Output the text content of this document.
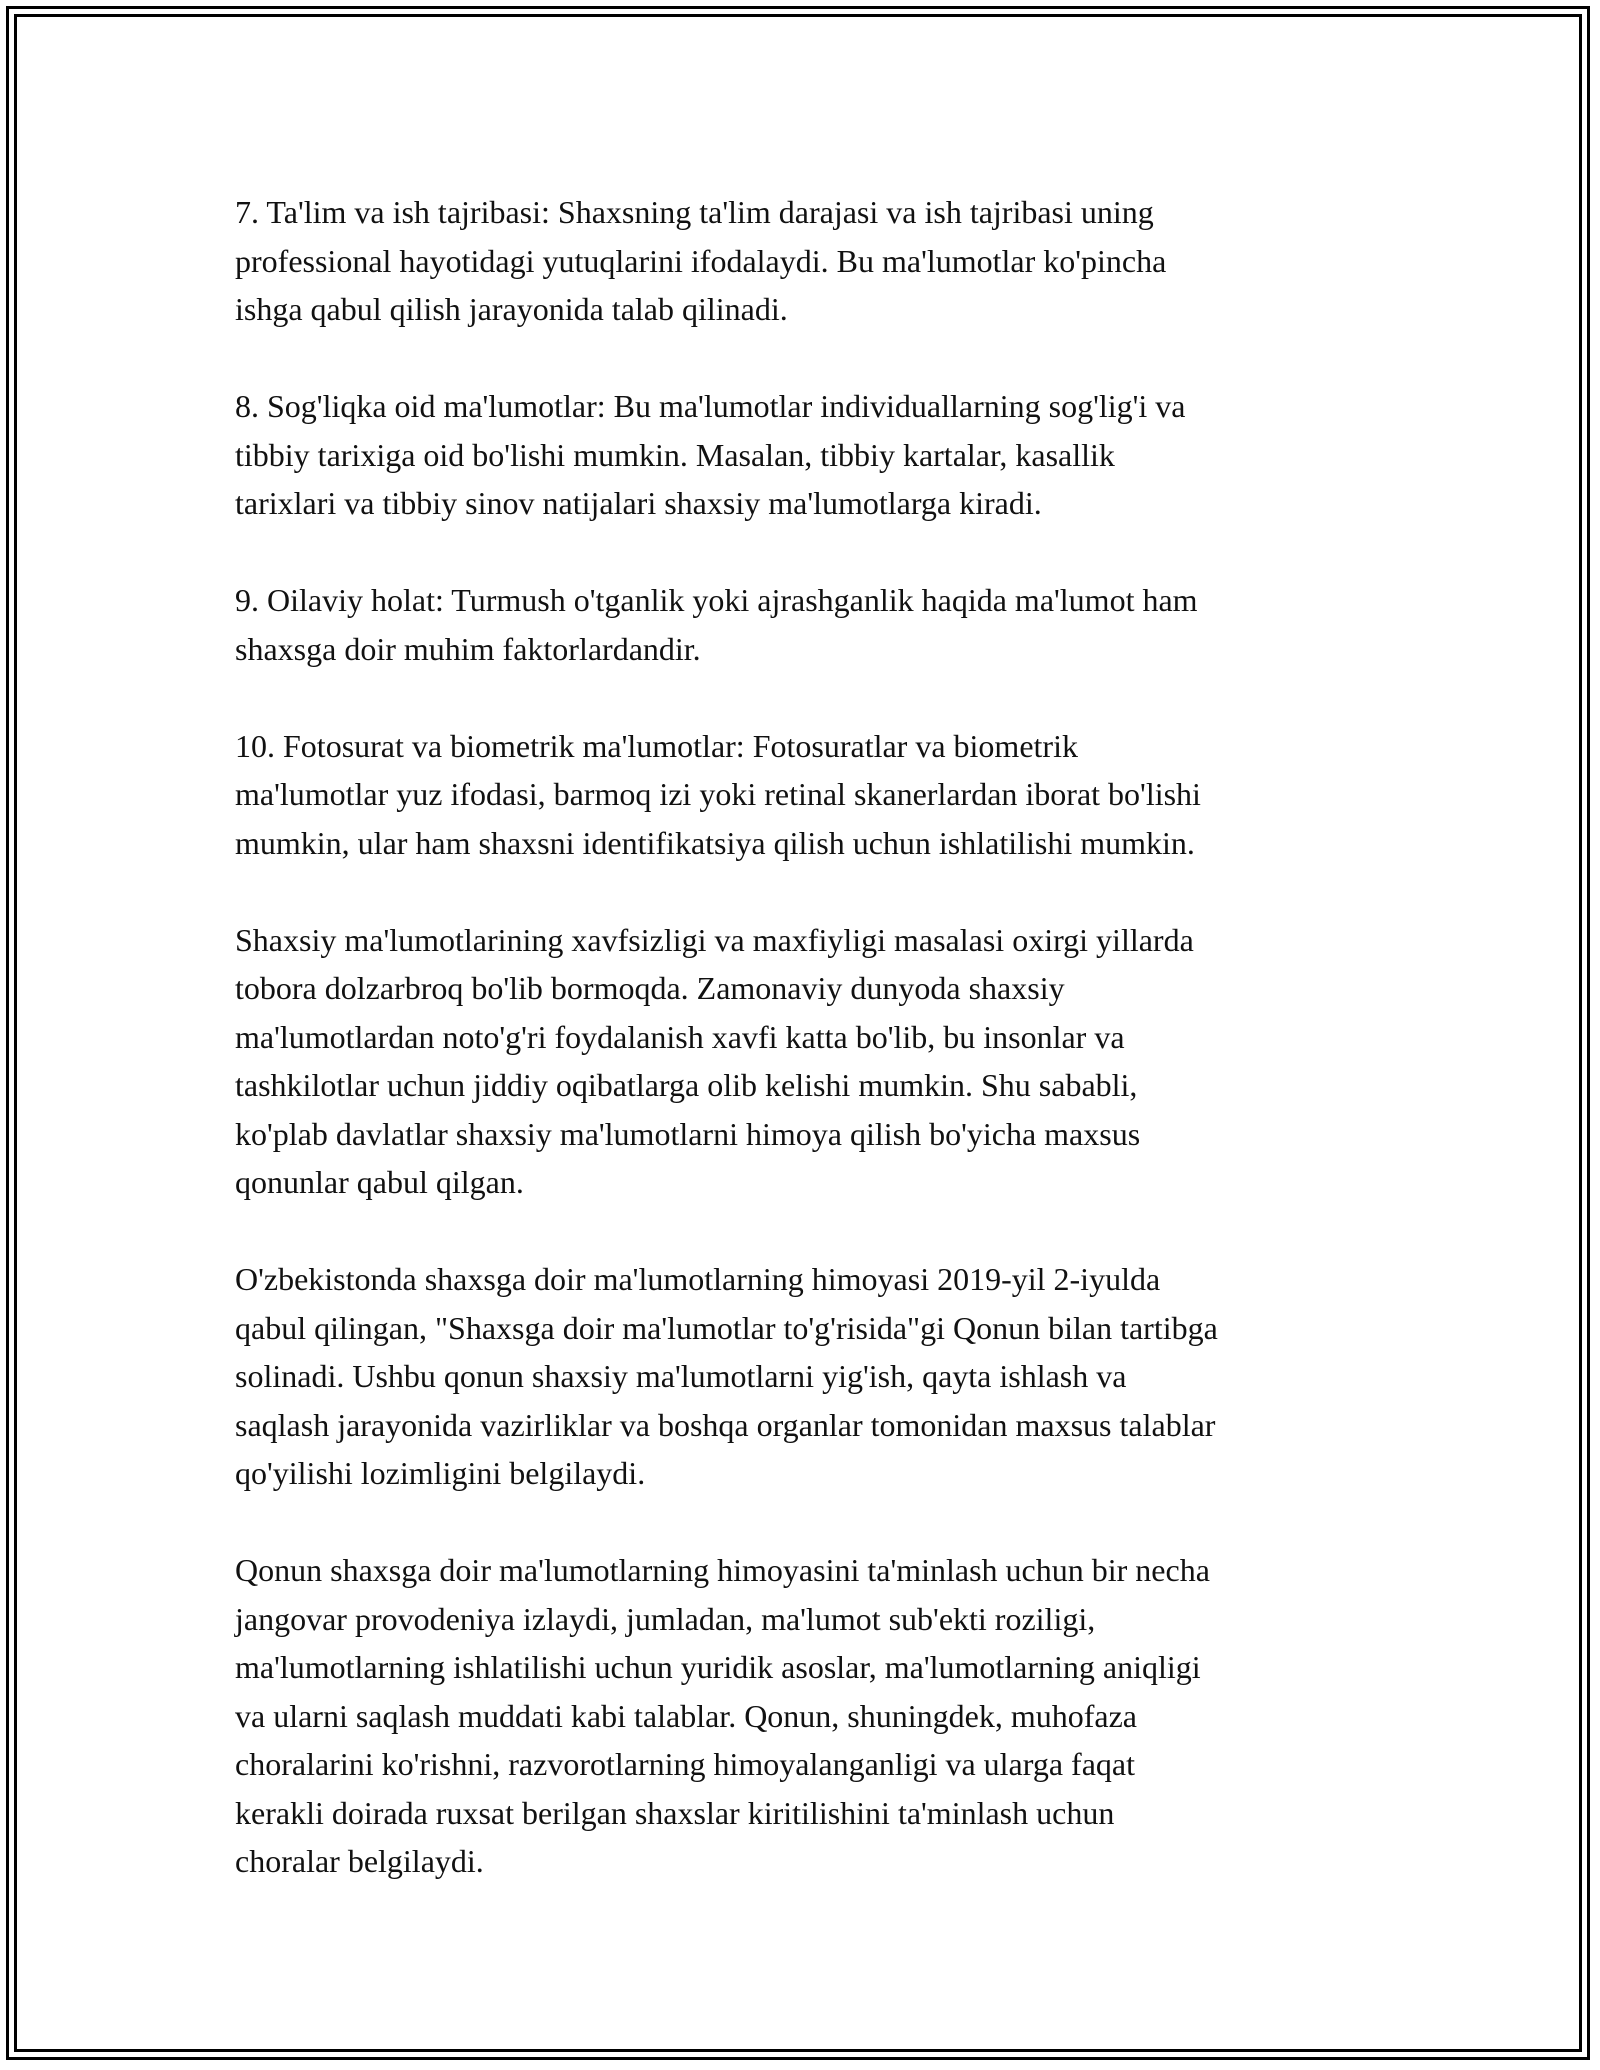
7. Ta'lim va ish tajribasi: Shaxsning ta'lim darajasi va ish tajribasi uning
professional hayotidagi yutuqlarini ifodalaydi. Bu ma'lumotlar ko'pincha
ishga qabul qilish jarayonida talab qilinadi.

8. Sog'liqka oid ma'lumotlar: Bu ma'lumotlar individuallarning sog'lig'i va
tibbiy tarixiga oid bo'lishi mumkin. Masalan, tibbiy kartalar, kasallik
tarixlari va tibbiy sinov natijalari shaxsiy ma'lumotlarga kiradi.

9. Oilaviy holat: Turmush o'tganlik yoki ajrashganlik haqida ma'lumot ham
shaxsga doir muhim faktorlardandir.

10. Fotosurat va biometrik ma'lumotlar: Fotosuratlar va biometrik
ma'lumotlar yuz ifodasi, barmoq izi yoki retinal skanerlardan iborat bo'lishi
mumkin, ular ham shaxsni identifikatsiya qilish uchun ishlatilishi mumkin.

Shaxsiy ma'lumotlarining xavfsizligi va maxfiyligi masalasi oxirgi yillarda
tobora dolzarbroq bo'lib bormoqda. Zamonaviy dunyoda shaxsiy
ma'lumotlardan noto'g'ri foydalanish xavfi katta bo'lib, bu insonlar va
tashkilotlar uchun jiddiy oqibatlarga olib kelishi mumkin. Shu sababli,
ko'plab davlatlar shaxsiy ma'lumotlarni himoya qilish bo'yicha maxsus
qonunlar qabul qilgan.

O'zbekistonda shaxsga doir ma'lumotlarning himoyasi 2019-yil 2-iyulda
qabul qilingan, "Shaxsga doir ma'lumotlar to'g'risida"gi Qonun bilan tartibga
solinadi. Ushbu qonun shaxsiy ma'lumotlarni yig'ish, qayta ishlash va
saqlash jarayonida vazirliklar va boshqa organlar tomonidan maxsus talablar
qo'yilishi lozimligini belgilaydi.

Qonun shaxsga doir ma'lumotlarning himoyasini ta'minlash uchun bir necha
jangovar provodeniya izlaydi, jumladan, ma'lumot sub'ekti roziligi,
ma'lumotlarning ishlatilishi uchun yuridik asoslar, ma'lumotlarning aniqligi
va ularni saqlash muddati kabi talablar. Qonun, shuningdek, muhofaza
choralarini ko'rishni, razvorotlarning himoyalanganligi va ularga faqat
kerakli doirada ruxsat berilgan shaxslar kiritilishini ta'minlash uchun
choralar belgilaydi.
